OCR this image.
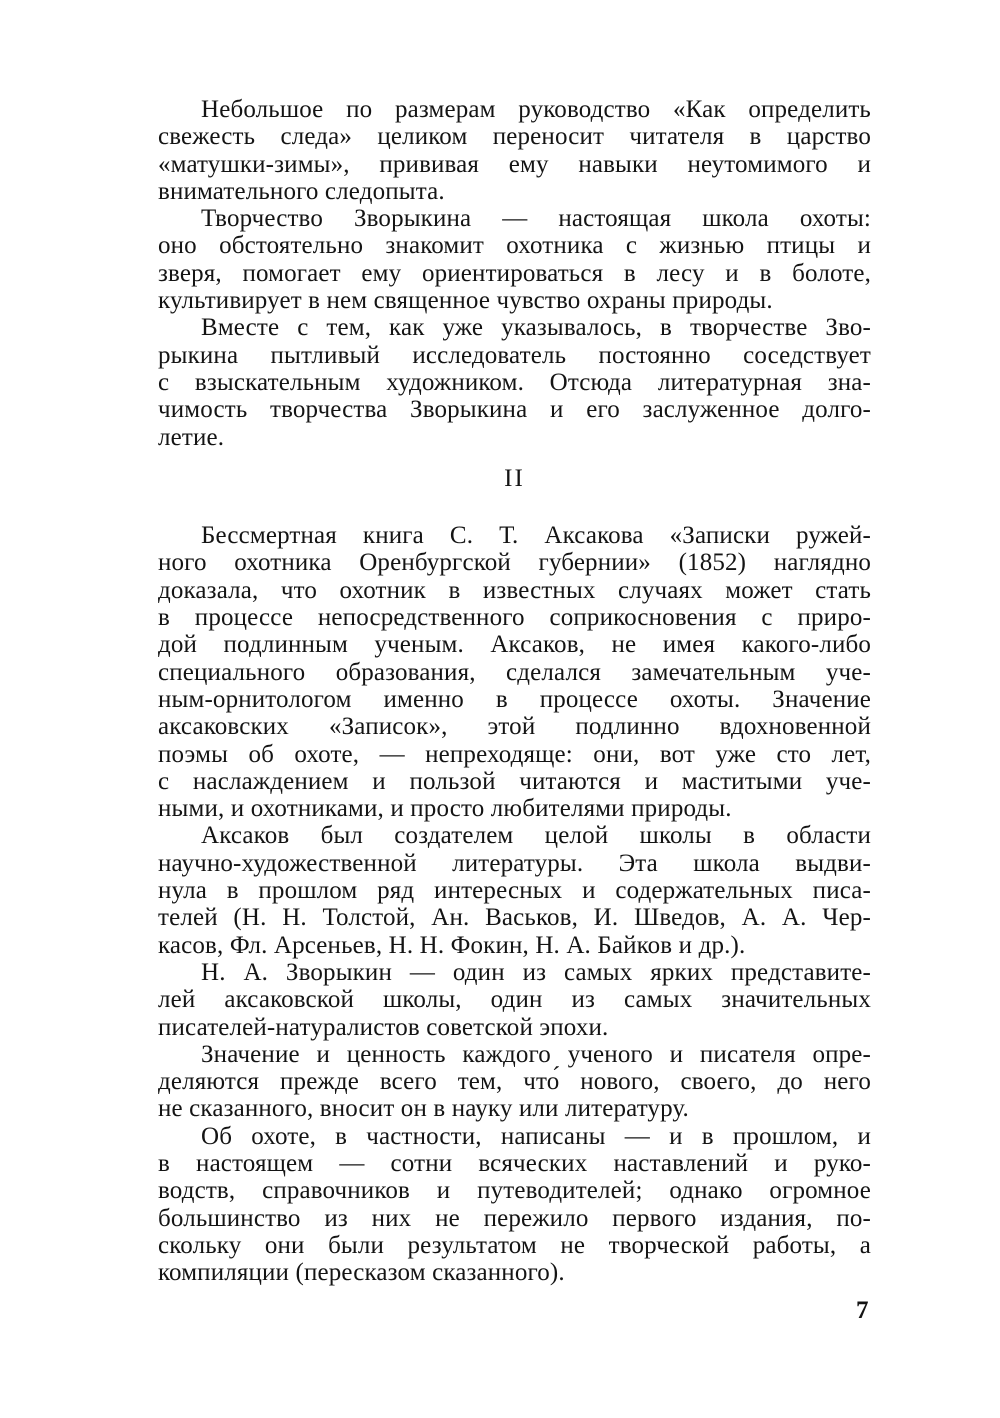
Небольшое по размерам руководство «Как определить
свежесть следа» целиком переносит читателя в царство
«матушки-зимы», прививая ему навыки неутомимого и
внимательного следопыта.
Творчество Зворыкина — настоящая школа охоты:
оно обстоятельно знакомит охотника с жизнью птицы и
зверя, помогает ему ориентироваться в лесу и в болоте,
культивирует в нем священное чувство охраны природы.
Вместе с тем, как уже указывалось, в творчестве Зво-
рыкина пытливый исследователь постоянно соседствует
с взыскательным художником. Отсюда литературная зна-
чимость творчества Зворыкина и его заслуженное долго-
летие.
II
Бессмертная книга С. Т. Аксакова «Записки ружей-
ного охотника Оренбургской губернии» (1852) наглядно
доказала, что охотник в известных случаях может стать
в процессе непосредственного соприкосновения с приро-
дой подлинным ученым. Аксаков, не имея какого-либо
специального образования, сделался замечательным уче-
ным-орнитологом именно в процессе охоты. Значение
аксаковских «Записок», этой подлинно вдохновенной
поэмы об охоте, — непреходяще: они, вот уже сто лет,
с наслаждением и пользой читаются и маститыми уче-
ными, и охотниками, и просто любителями природы.
Аксаков был создателем целой школы в области
научно-художественной литературы. Эта школа выдви-
нула в прошлом ряд интересных и содержательных писа-
телей (Н. Н. Толстой, Ан. Васьков, И. Шведов, А. А. Чер-
касов, Фл. Арсеньев, Н. Н. Фокин, Н. А. Байков и др.).
Н. А. Зворыкин — один из самых ярких представите-
лей аксаковской школы, один из самых значительных
писателей-натуралистов советской эпохи.
Значение и ценность каждого ученого и писателя опре-
деляются прежде всего тем, что́ нового, своего, до него
не сказанного, вносит он в науку или литературу.
Об охоте, в частности, написаны — и в прошлом, и
в настоящем — сотни всяческих наставлений и руко-
водств, справочников и путеводителей; однако огромное
большинство из них не пережило первого издания, по-
скольку они были результатом не творческой работы, а
компиляции (пересказом сказанного).
7
